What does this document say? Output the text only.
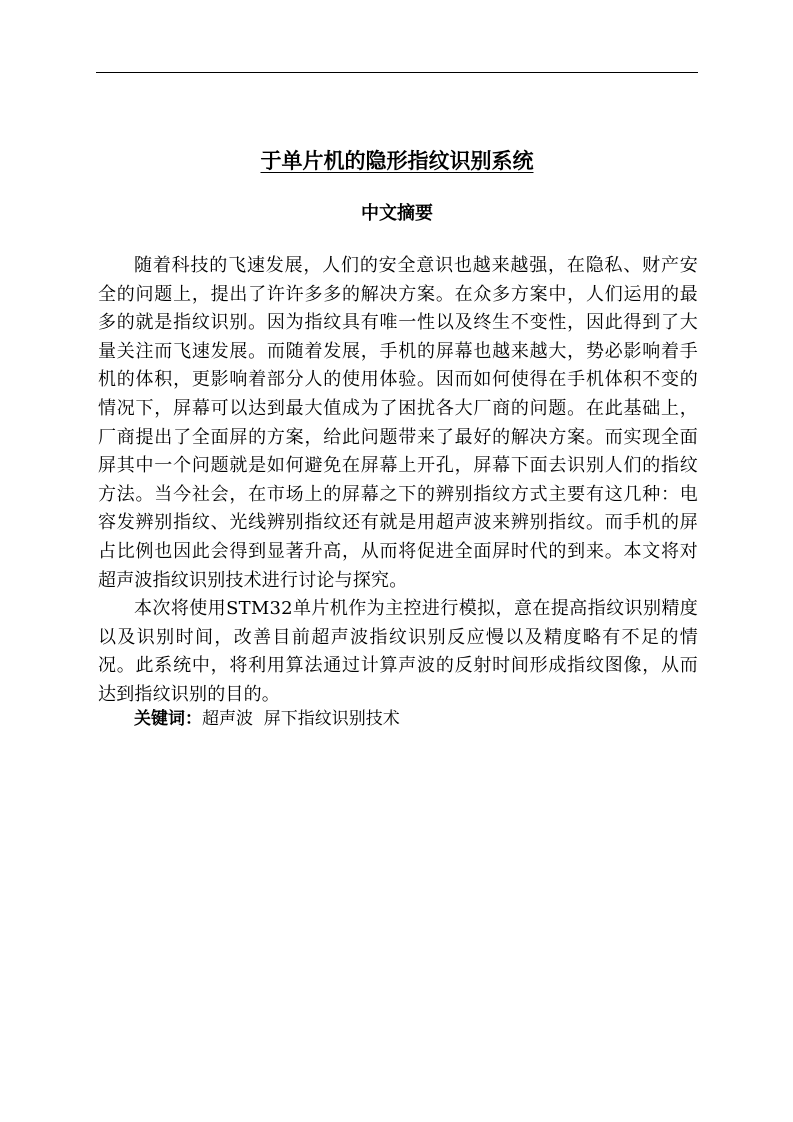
于单片机的隐形指纹识别系统
中文摘要

随着科技的飞速发展，人们的安全意识也越来越强，在隐私、财产安全的问题上，提出了许许多多的解决方案。在众多方案中，人们运用的最多的就是指纹识别。因为指纹具有唯一性以及终生不变性，因此得到了大量关注而飞速发展。而随着发展，手机的屏幕也越来越大，势必影响着手机的体积，更影响着部分人的使用体验。因而如何使得在手机体积不变的情况下，屏幕可以达到最大值成为了困扰各大厂商的问题。在此基础上，厂商提出了全面屏的方案，给此问题带来了最好的解决方案。而实现全面屏其中一个问题就是如何避免在屏幕上开孔，屏幕下面去识别人们的指纹方法。当今社会，在市场上的屏幕之下的辨别指纹方式主要有这几种：电容发辨别指纹、光线辨别指纹还有就是用超声波来辨别指纹。而手机的屏占比例也因此会得到显著升高，从而将促进全面屏时代的到来。本文将对超声波指纹识别技术进行讨论与探究。

本次将使用STM32单片机作为主控进行模拟，意在提高指纹识别精度以及识别时间，改善目前超声波指纹识别反应慢以及精度略有不足的情况。此系统中，将利用算法通过计算声波的反射时间形成指纹图像，从而达到指纹识别的目的。

关键词：超声波  屏下指纹识别技术
